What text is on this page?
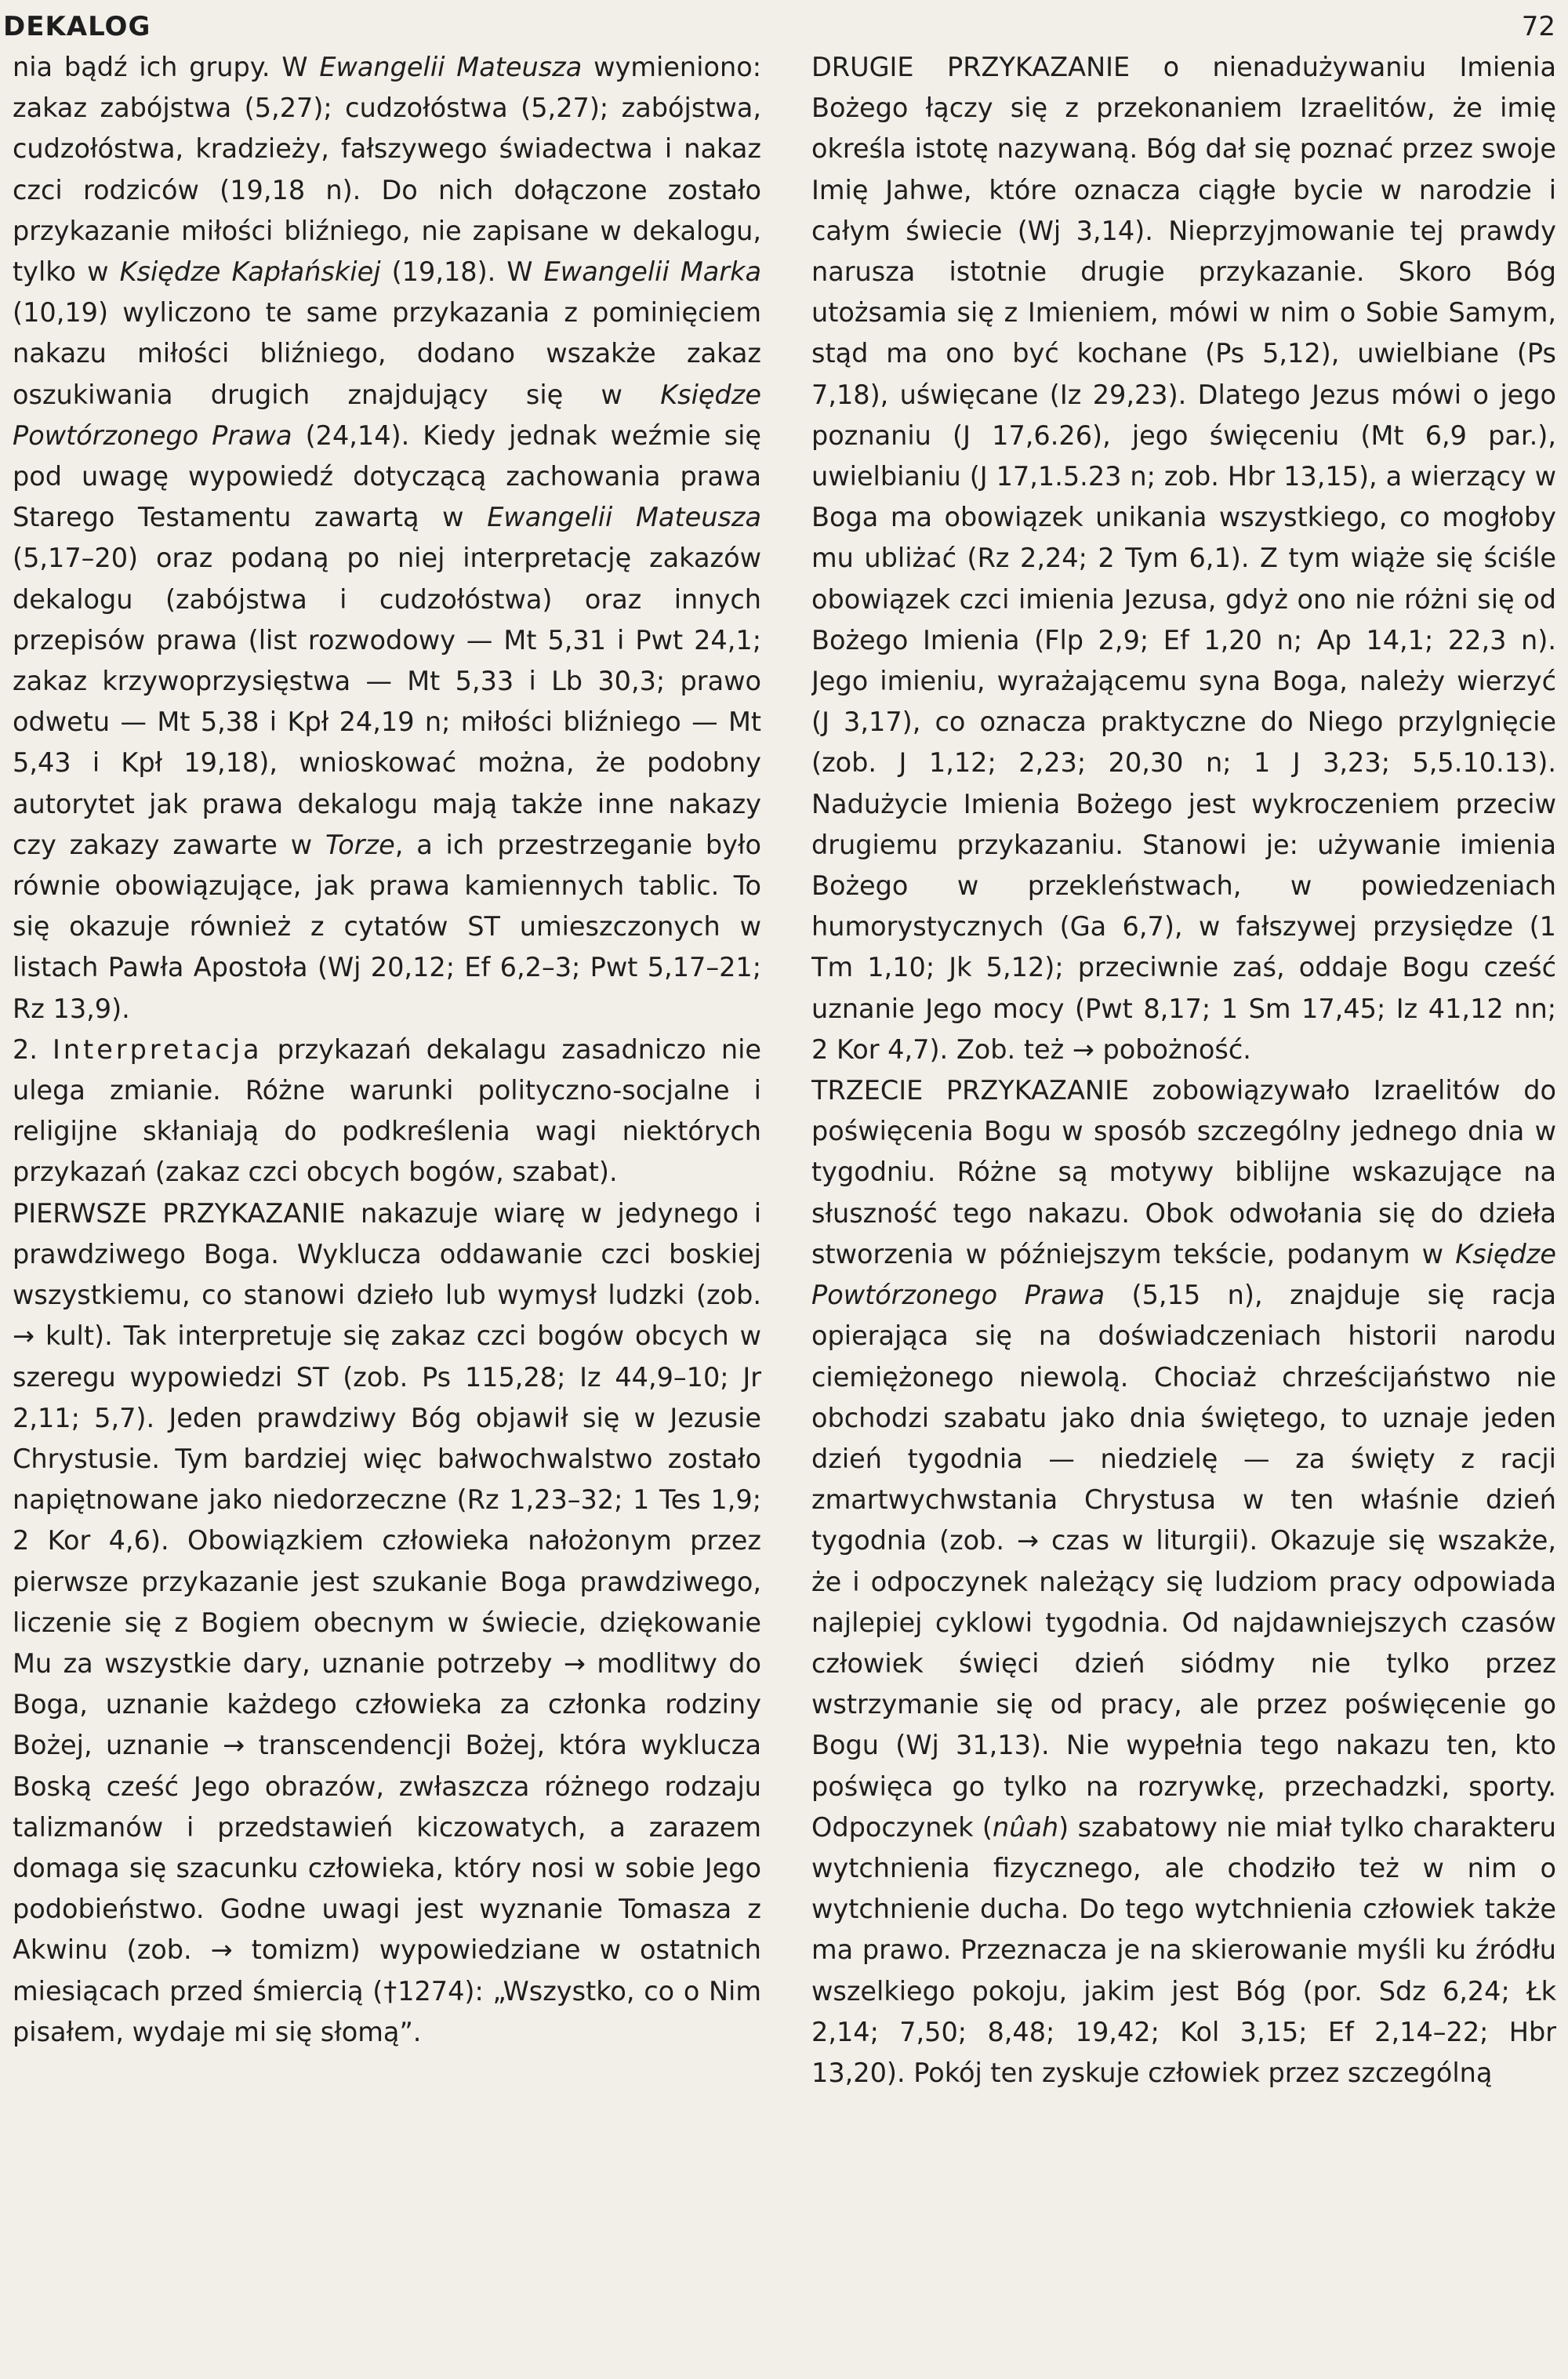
DEKALOG	72

nia bądź ich grupy. W Ewangelii Mateusza wymieniono: zakaz zabójstwa (5,27); cudzołóstwa (5,27); zabójstwa, cudzołóstwa, kradzieży, fałszywego świadectwa i nakaz czci rodziców (19,18 n). Do nich dołączone zostało przykazanie miłości bliźniego, nie zapisane w dekalogu, tylko w Księdze Kapłańskiej (19,18). W Ewangelii Marka (10,19) wyliczono te same przykazania z pominięciem nakazu miłości bliźniego, dodano wszakże zakaz oszukiwania drugich znajdujący się w Księdze Powtórzonego Prawa (24,14). Kiedy jednak weźmie się pod uwagę wypowiedź dotyczącą zachowania prawa Starego Testamentu zawartą w Ewangelii Mateusza (5,17–20) oraz podaną po niej interpretację zakazów dekalogu (zabójstwa i cudzołóstwa) oraz innych przepisów prawa (list rozwodowy — Mt 5,31 i Pwt 24,1; zakaz krzywoprzysięstwa — Mt 5,33 i Lb 30,3; prawo odwetu — Mt 5,38 i Kpł 24,19 n; miłości bliźniego — Mt 5,43 i Kpł 19,18), wnioskować można, że podobny autorytet jak prawa dekalogu mają także inne nakazy czy zakazy zawarte w Torze, a ich przestrzeganie było równie obowiązujące, jak prawa kamiennych tablic. To się okazuje również z cytatów ST umieszczonych w listach Pawła Apostoła (Wj 20,12; Ef 6,2–3; Pwt 5,17–21; Rz 13,9).

2. Interpretacja przykazań dekalagu zasadniczo nie ulega zmianie. Różne warunki polityczno-socjalne i religijne skłaniają do podkreślenia wagi niektórych przykazań (zakaz czci obcych bogów, szabat).

PIERWSZE PRZYKAZANIE nakazuje wiarę w jedynego i prawdziwego Boga. Wyklucza oddawanie czci boskiej wszystkiemu, co stanowi dzieło lub wymysł ludzki (zob. → kult). Tak interpretuje się zakaz czci bogów obcych w szeregu wypowiedzi ST (zob. Ps 115,28; Iz 44,9–10; Jr 2,11; 5,7). Jeden prawdziwy Bóg objawił się w Jezusie Chrystusie. Tym bardziej więc bałwochwalstwo zostało napiętnowane jako niedorzeczne (Rz 1,23–32; 1 Tes 1,9; 2 Kor 4,6). Obowiązkiem człowieka nałożonym przez pierwsze przykazanie jest szukanie Boga prawdziwego, liczenie się z Bogiem obecnym w świecie, dziękowanie Mu za wszystkie dary, uznanie potrzeby → modlitwy do Boga, uznanie każdego człowieka za członka rodziny Bożej, uznanie → transcendencji Bożej, która wyklucza Boską cześć Jego obrazów, zwłaszcza różnego rodzaju talizmanów i przedstawień kiczowatych, a zarazem domaga się szacunku człowieka, który nosi w sobie Jego podobieństwo. Godne uwagi jest wyznanie Tomasza z Akwinu (zob. → tomizm) wypowiedziane w ostatnich miesiącach przed śmiercią (†1274): „Wszystko, co o Nim pisałem, wydaje mi się słomą”.

DRUGIE PRZYKAZANIE o nienadużywaniu Imienia Bożego łączy się z przekonaniem Izraelitów, że imię określa istotę nazywaną. Bóg dał się poznać przez swoje Imię Jahwe, które oznacza ciągłe bycie w narodzie i całym świecie (Wj 3,14). Nieprzyjmowanie tej prawdy narusza istotnie drugie przykazanie. Skoro Bóg utożsamia się z Imieniem, mówi w nim o Sobie Samym, stąd ma ono być kochane (Ps 5,12), uwielbiane (Ps 7,18), uświęcane (Iz 29,23). Dlatego Jezus mówi o jego poznaniu (J 17,6.26), jego święceniu (Mt 6,9 par.), uwielbianiu (J 17,1.5.23 n; zob. Hbr 13,15), a wierzący w Boga ma obowiązek unikania wszystkiego, co mogłoby mu ubliżać (Rz 2,24; 2 Tym 6,1). Z tym wiąże się ściśle obowiązek czci imienia Jezusa, gdyż ono nie różni się od Bożego Imienia (Flp 2,9; Ef 1,20 n; Ap 14,1; 22,3 n). Jego imieniu, wyrażającemu syna Boga, należy wierzyć (J 3,17), co oznacza praktyczne do Niego przylgnięcie (zob. J 1,12; 2,23; 20,30 n; 1 J 3,23; 5,5.10.13). Nadużycie Imienia Bożego jest wykroczeniem przeciw drugiemu przykazaniu. Stanowi je: używanie imienia Bożego w przekleństwach, w powiedzeniach humorystycznych (Ga 6,7), w fałszywej przysiędze (1 Tm 1,10; Jk 5,12); przeciwnie zaś, oddaje Bogu cześć uznanie Jego mocy (Pwt 8,17; 1 Sm 17,45; Iz 41,12 nn; 2 Kor 4,7). Zob. też → pobożność.

TRZECIE PRZYKAZANIE zobowiązywało Izraelitów do poświęcenia Bogu w sposób szczególny jednego dnia w tygodniu. Różne są motywy biblijne wskazujące na słuszność tego nakazu. Obok odwołania się do dzieła stworzenia w późniejszym tekście, podanym w Księdze Powtórzonego Prawa (5,15 n), znajduje się racja opierająca się na doświadczeniach historii narodu ciemiężonego niewolą. Chociaż chrześcijaństwo nie obchodzi szabatu jako dnia świętego, to uznaje jeden dzień tygodnia — niedzielę — za święty z racji zmartwychwstania Chrystusa w ten właśnie dzień tygodnia (zob. → czas w liturgii). Okazuje się wszakże, że i odpoczynek należący się ludziom pracy odpowiada najlepiej cyklowi tygodnia. Od najdawniejszych czasów człowiek święci dzień siódmy nie tylko przez wstrzymanie się od pracy, ale przez poświęcenie go Bogu (Wj 31,13). Nie wypełnia tego nakazu ten, kto poświęca go tylko na rozrywkę, przechadzki, sporty. Odpoczynek (nûah) szabatowy nie miał tylko charakteru wytchnienia fizycznego, ale chodziło też w nim o wytchnienie ducha. Do tego wytchnienia człowiek także ma prawo. Przeznacza je na skierowanie myśli ku źródłu wszelkiego pokoju, jakim jest Bóg (por. Sdz 6,24; Łk 2,14; 7,50; 8,48; 19,42; Kol 3,15; Ef 2,14–22; Hbr 13,20). Pokój ten zyskuje człowiek przez szczególną
